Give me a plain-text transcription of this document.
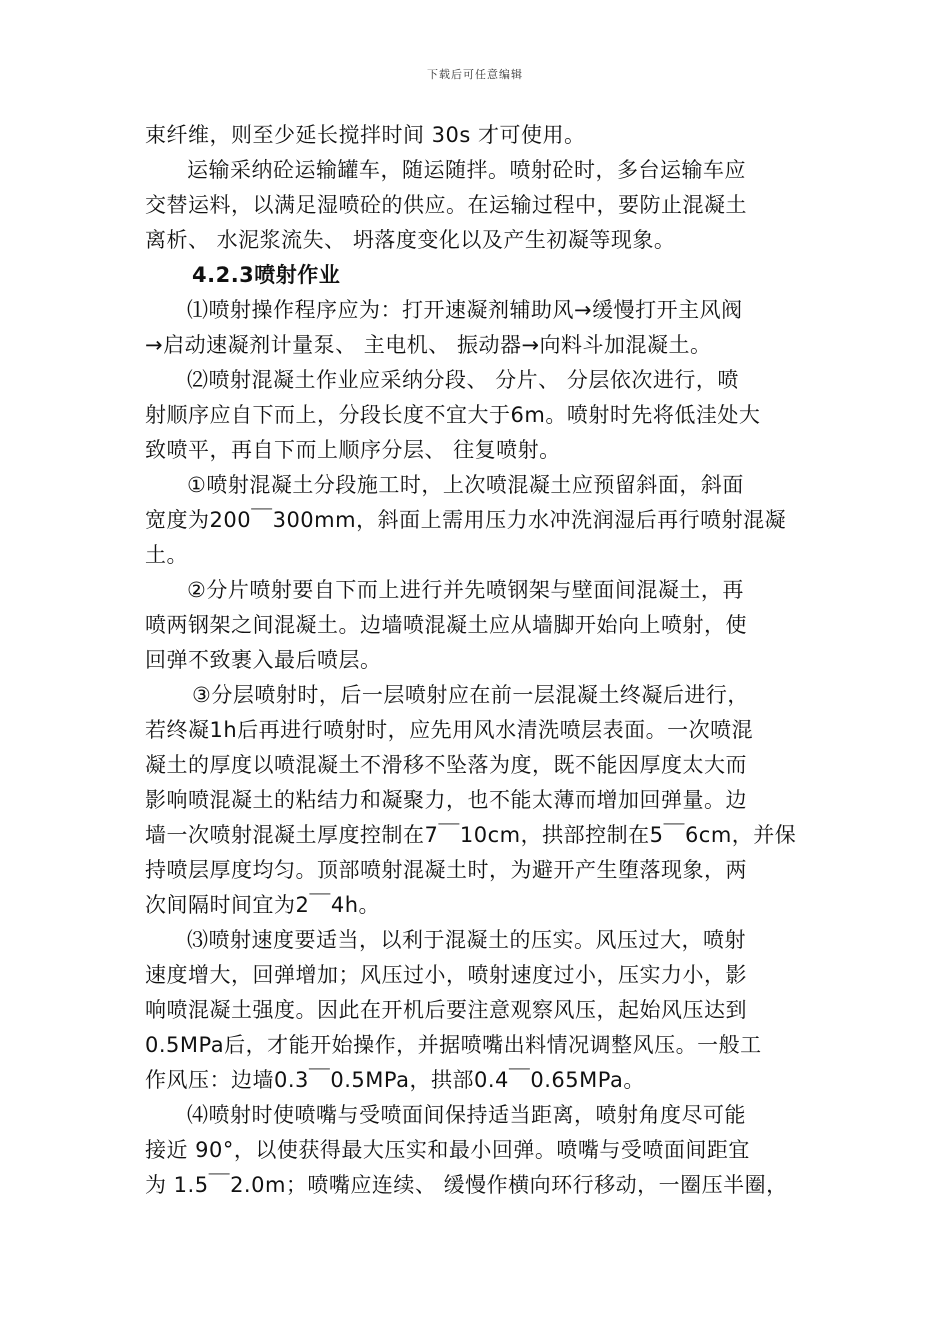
下载后可任意编辑
束纤维，则至少延长搅拌时间 30s 才可使用。
运输采纳砼运输罐车，随运随拌。喷射砼时，多台运输车应
交替运料，以满足湿喷砼的供应。在运输过程中，要防止混凝土
离析、 水泥浆流失、 坍落度变化以及产生初凝等现象。
4.2.3喷射作业
⑴喷射操作程序应为：打开速凝剂辅助风→缓慢打开主风阀
→启动速凝剂计量泵、 主电机、 振动器→向料斗加混凝土。
⑵喷射混凝土作业应采纳分段、 分片、 分层依次进行，喷
射顺序应自下而上，分段长度不宜大于6m。喷射时先将低洼处大
致喷平，再自下而上顺序分层、 往复喷射。
①喷射混凝土分段施工时，上次喷混凝土应预留斜面，斜面
宽度为200￣300mm，斜面上需用压力水冲洗润湿后再行喷射混凝
土。
②分片喷射要自下而上进行并先喷钢架与壁面间混凝土，再
喷两钢架之间混凝土。边墙喷混凝土应从墙脚开始向上喷射，使
回弹不致裹入最后喷层。
③分层喷射时，后一层喷射应在前一层混凝土终凝后进行，
若终凝1h后再进行喷射时，应先用风水清洗喷层表面。一次喷混
凝土的厚度以喷混凝土不滑移不坠落为度，既不能因厚度太大而
影响喷混凝土的粘结力和凝聚力，也不能太薄而增加回弹量。边
墙一次喷射混凝土厚度控制在7￣10cm，拱部控制在5￣6cm，并保
持喷层厚度均匀。顶部喷射混凝土时，为避开产生堕落现象，两
次间隔时间宜为2￣4h。
⑶喷射速度要适当，以利于混凝土的压实。风压过大，喷射
速度增大，回弹增加；风压过小，喷射速度过小，压实力小，影
响喷混凝土强度。因此在开机后要注意观察风压，起始风压达到
0.5MPa后，才能开始操作，并据喷嘴出料情况调整风压。一般工
作风压：边墙0.3￣0.5MPa，拱部0.4￣0.65MPa。
⑷喷射时使喷嘴与受喷面间保持适当距离，喷射角度尽可能
接近 90°，以使获得最大压实和最小回弹。喷嘴与受喷面间距宜
为 1.5￣2.0m；喷嘴应连续、 缓慢作横向环行移动，一圈压半圈，
